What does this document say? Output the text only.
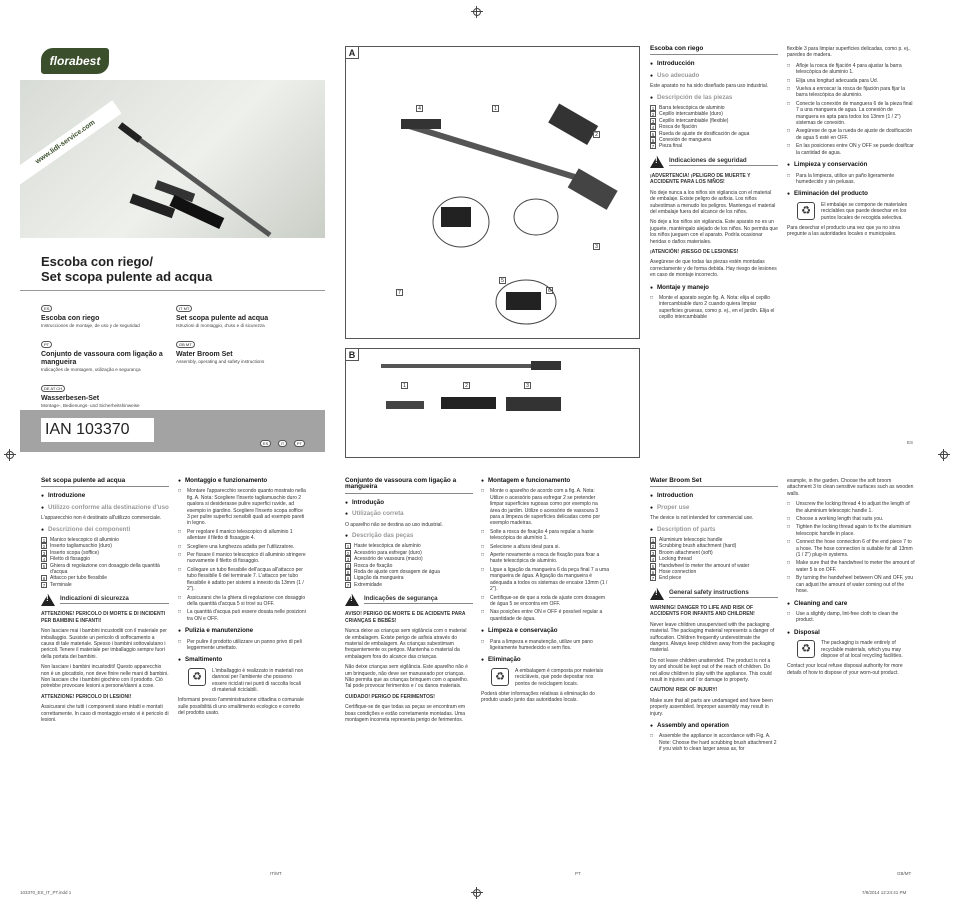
florabest
www.lidl-service.com
Escoba con riego/
Set scopa pulente ad acqua
ES
Escoba con riego
Instrucciones de montaje, de uso y de seguridad
IT MT
Set scopa pulente ad acqua
Istruzioni di montaggio, d'uso e di sicurezza
PT
Conjunto de vassoura com ligação a mangueira
Indicações de montagem, utilização e segurança
GB MT
Water Broom Set
Assembly, operating and safety instructions
DE AT CH
Wasserbesen-Set
Montage-, Bedienungs- und Sicherheitshinweise
IAN 103370
ES	IT	PT
A
1
2
3
4
5
6
7
B
1	2	3
Escoba con riego
● Introducción
● Uso adecuado

Este aparato no ha sido diseñado para uso industrial.

● Descripción de las piezas
1 Barra telescópica de aluminio
2 Cepillo intercambiable (duro)
3 Cepillo intercambiable (flexible)
4 Rosca de fijación
5 Rueda de ajuste de dosificación de agua
6 Conexión de manguera
7 Pieza final
!
Indicaciones de seguridad

¡ADVERTENCIA! ¡PELIGRO DE MUERTE Y ACCIDENTE PARA LOS NIÑOS!

No deje nunca a los niños sin vigilancia con el material de embalaje. Existe peligro de asfixia. Los niños subestiman a menudo los peligros. Mantenga el material del embalaje fuera del alcance de los niños.

No deje a los niños sin vigilancia. Este aparato no es un juguete, manténgalo alejado de los niños. No permita que los niños jueguen con el aparato. Podría ocasionar heridas o daños materiales.

¡ATENCIÓN! ¡RIESGO DE LESIONES!

Asegúrese de que todas las piezas estén montadas correctamente y de forma debida. Hay riesgo de lesiones en caso de montaje incorrecto.

● Montaje y manejo
□ Monte el aparato según fig. A. Nota: elija el cepillo intercambiable duro 2 cuando quiera limpiar superficies gruesas, como p. ej., en el jardín. Elija el cepillo intercambiable

flexible 3 para limpiar superficies delicadas, como p. ej., paredes de madera.

□ Afloje la rosca de fijación 4 para ajustar la barra telescópica de aluminio 1.
□ Elija una longitud adecuada para Ud.
□ Vuelva a enroscar la rosca de fijación para fijar la barra telescópica de aluminio.
□ Conecte la conexión de manguera 6 de la pieza final 7 a una manguera de agua. La conexión de manguera es apta para todos los 13mm (1 / 2") sistemas de conexión.
□ Asegúrese de que la rueda de ajuste de dosificación de agua 5 esté en OFF.
□ En las posiciones entre ON y OFF se puede dosificar la cantidad de agua.
● Limpieza y conservación
□ Para la limpieza, utilice un paño ligeramente humedecido y sin pelusas.
● Eliminación del producto
♻	El embalaje se compone de materiales reciclables que puede desechar en los puntos locales de recogida selectiva.

Para desechar el producto una vez que ya no sirva pregunte a las autoridades locales o municipales.

ES
Set scopa pulente ad acqua
● Introduzione
● Utilizzo conforme alla destinazione d'uso

L'apparecchio non è destinato all'utilizzo commerciale.

● Descrizione dei componenti
1 Manico telescopico di alluminio
2 Inserto tagliamuschio (duro)
3 Inserto scopa (soffice)
4 Filetto di fissaggio
5 Ghiera di regolazione con dosaggio della quantità d'acqua
6 Attacco per tubo flessibile
7 Terminale
!
Indicazioni di sicurezza

ATTENZIONE! PERICOLO DI MORTE E DI INCIDENTI PER BAMBINI E INFANTI!

Non lasciare mai i bambini incustoditi con il materiale per imballaggio. Sussiste un pericolo di soffocamento a causa di tale materiale. Spesso i bambini sottovalutano i pericoli. Tenere il materiale per imballaggio sempre fuori della portata dei bambini.

Non lasciare i bambini incustoditi! Questo apparecchio non è un giocattolo, non deve finire nelle mani di bambini. Non lasciare che i bambini giochino con il prodotto. Ciò potrebbe provocare lesioni a persone/danni a cose.

ATTENZIONE! PERICOLO DI LESIONI!

Assicurarsi che tutti i componenti siano intatti e montati correttamente. In caso di montaggio errato vi è pericolo di lesioni.

● Montaggio e funzionamento
□ Montare l'apparecchio secondo quanto mostrato nella fig. A. Nota: Scegliere l'inserto tagliamuschio duro 2 qualora si desiderasse pulire superfici ruvide, ad esempio in giardino. Scegliere l'inserto scopa soffice 3 per pulire superfici sensibili quali ad esempio pareti in legno.
□ Per regolare il manico telescopico di alluminio 1 allentare il filetto di fissaggio 4.
□ Scegliere una lunghezza adatta per l'utilizzatore.
□ Per fissare il manico telescopico di alluminio stringere nuovamente il filetto di fissaggio.
□ Collegare un tubo flessibile dell'acqua all'attacco per tubo flessibile 6 del terminale 7. L'attacco per tubo flessibile è adatto per sistemi a innesto da 13mm (1 / 2").
□ Assicurarsi che la ghiera di regolazione con dosaggio della quantità d'acqua 5 si trovi su OFF.
□ La quantità d'acqua può essere dosata nelle posizioni tra ON e OFF.
● Pulizia e manutenzione
□ Per pulire il prodotto utilizzare un panno privo di peli leggermente umettato.
● Smaltimento
♻	L'imballaggio è realizzato in materiali non dannosi per l'ambiente che possono essere riciclati nei punti di raccolta locali di materiali riciclabili.

Informarsi presso l'amministrazione cittadina o comunale sulle possibilità di uno smaltimento ecologico e corretto del prodotto usato.

IT/MT
Conjunto de vassoura com ligação a mangueira
● Introdução
● Utilização correta

O aparelho não se destina ao uso industrial.

● Descrição das peças
1 Haste telescópica de alumínio
2 Acessório para esfregar (duro)
3 Acessório de vassoura (macio)
4 Rosca de fixação
5 Roda de ajuste com dosagem de água
6 Ligação da mangueira
7 Extremidade
!
Indicações de segurança

AVISO! PERIGO DE MORTE E DE ACIDENTE PARA CRIANÇAS E BEBÉS!

Nunca deixe as crianças sem vigilância com o material de embalagem. Existe perigo de asfixia através do material de embalagem. As crianças subestimam frequentemente os perigos. Mantenha o material da embalagem fora do alcance das crianças.

Não deixe crianças sem vigilância. Este aparelho não é um brinquedo, não deve ser manuseado por crianças. Não permita que as crianças brinquem com o aparelho. Tal pode provocar ferimentos e / ou danos materiais.

CUIDADO! PERIGO DE FERIMENTOS!

Certifique-se de que todas as peças se encontram em boas condições e estão corretamente montadas. Uma montagem incorreta representa perigo de ferimentos.

● Montagem e funcionamento
□ Monte o aparelho de acordo com a fig. A. Nota: Utilize o acessório para esfregar 2 se pretender limpar superfícies rugosas como por exemplo na área do jardim. Utilize o acessório de vassoura 3 para a limpeza de superfícies delicadas como por exemplo madeiras.
□ Solte a rosca de fixação 4 para regular a haste telescópica de alumínio 1.
□ Selecione a altura ideal para si.
□ Aperte novamente a rosca de fixação para fixar a haste telescópica de alumínio.
□ Ligue a ligação da mangueira 6 da peça final 7 a uma mangueira de água. A ligação da mangueira é adequada a todos os sistemas de encaixe 13mm (1 / 2").
□ Certifique-se de que a roda de ajuste com dosagem de água 5 se encontra em OFF.
□ Nas posições entre ON e OFF é possível regular a quantidade de água.
● Limpeza e conservação
□ Para a limpeza e manutenção, utilize um pano ligeiramente humedecido e sem fios.
● Eliminação
♻	A embalagem é composta por materiais recicláveis, que pode depositar nos pontos de reciclagem locais.

Poderá obter informações relativas à eliminação do produto usado junto das autoridades locais.

PT
Water Broom Set
● Introduction
● Proper use

The device is not intended for commercial use.

● Description of parts
1 Aluminium telescopic handle
2 Scrubbing brush attachment (hard)
3 Broom attachment (soft)
4 Locking thread
5 Handwheel to meter the amount of water
6 Hose connection
7 End piece
!
General safety instructions

WARNING! DANGER TO LIFE AND RISK OF ACCIDENTS FOR INFANTS AND CHILDREN!

Never leave children unsupervised with the packaging material. The packaging material represents a danger of suffocation. Children frequently underestimate the dangers. Always keep children away from the packaging material.

Do not leave children unattended. The product is not a toy and should be kept out of the reach of children. Do not allow children to play with the appliance. This could result in injuries and / or damage to property.

CAUTION! RISK OF INJURY!

Make sure that all parts are undamaged and have been properly assembled. Improper assembly may result in injury.

● Assembly and operation
□ Assemble the appliance in accordance with Fig. A. Note: Choose the hard scrubbing brush attachment 2 if you wish to clean larger areas as, for

example, in the garden. Choose the soft broom attachment 3 to clean sensitive surfaces such as wooden walls.

□ Unscrew the locking thread 4 to adjust the length of the aluminium telescopic handle 1.
□ Choose a working length that suits you.
□ Tighten the locking thread again to fix the aluminium telescopic handle in place.
□ Connect the hose connection 6 of the end piece 7 to a hose. The hose connection is suitable for all 13mm (1 / 2") plug-in systems.
□ Make sure that the handwheel to meter the amount of water 5 is on OFF.
□ By turning the handwheel between ON and OFF, you can adjust the amount of water coming out of the hose.
● Cleaning and care
□ Use a slightly damp, lint-free cloth to clean the product.
● Disposal
♻	The packaging is made entirely of recyclable materials, which you may dispose of at local recycling facilities.

Contact your local refuse disposal authority for more details of how to dispose of your worn-out product.

GB/MT
103370_ES_IT_PT.indd 1	7/8/2014 12:24:41 PM
